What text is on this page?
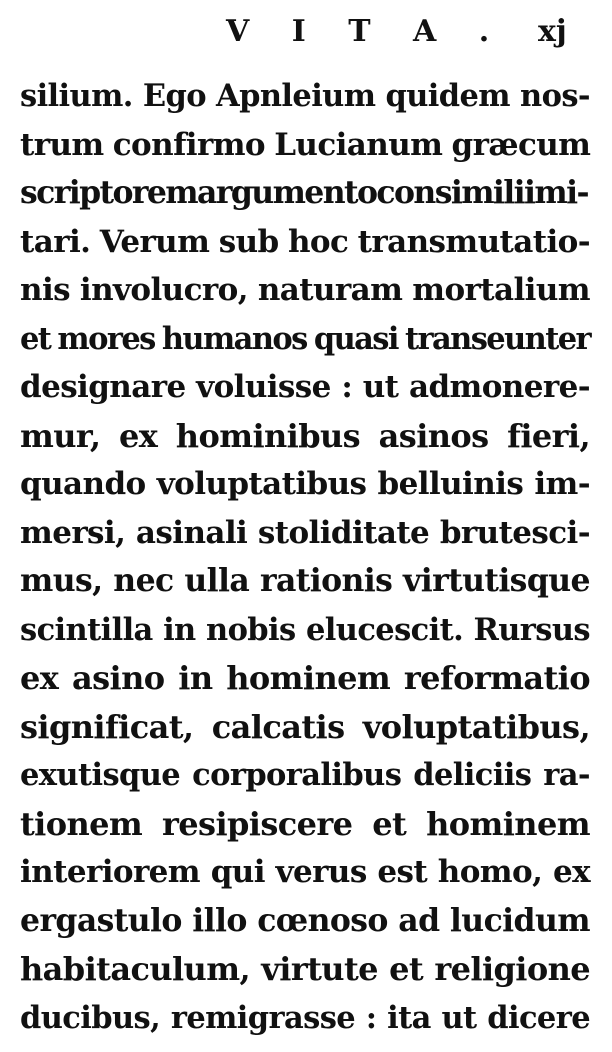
V I T A . xj
silium. Ego Apnleium quidem nos-
trum confirmo Lucianum græcum
scriptoremargumentoconsimiliimi-
tari. Verum sub hoc transmutatio-
nis involucro, naturam mortalium
et mores humanos quasi transeunter
designare voluisse : ut admonere-
mur, ex hominibus asinos fieri,
quando voluptatibus belluinis im-
mersi, asinali stoliditate brutesci-
mus, nec ulla rationis virtutisque
scintilla in nobis elucescit. Rursus
ex asino in hominem reformatio
significat, calcatis voluptatibus,
exutisque corporalibus deliciis ra-
tionem resipiscere et hominem
interiorem qui verus est homo, ex
ergastulo illo cœnoso ad lucidum
habitaculum, virtute et religione
ducibus, remigrasse : ita ut dicere
